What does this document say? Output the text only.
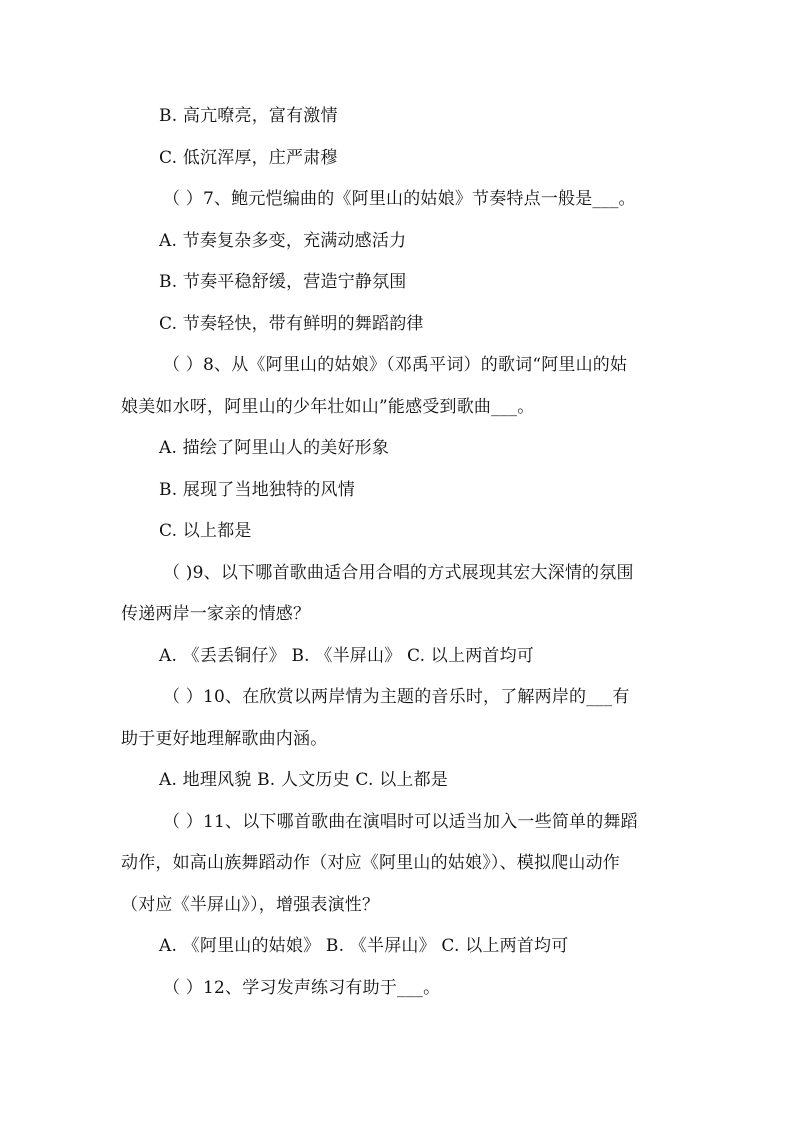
B. 高亢嘹亮，富有激情
C. 低沉浑厚，庄严肃穆
（ ）7、鲍元恺编曲的《阿里山的姑娘》节奏特点一般是___。
A. 节奏复杂多变，充满动感活力
B. 节奏平稳舒缓，营造宁静氛围
C. 节奏轻快，带有鲜明的舞蹈韵律
（ ）8、从《阿里山的姑娘》（邓禹平词）的歌词“阿里山的姑
娘美如水呀，阿里山的少年壮如山”能感受到歌曲___。
A. 描绘了阿里山人的美好形象
B. 展现了当地独特的风情
C. 以上都是
（ )9、以下哪首歌曲适合用合唱的方式展现其宏大深情的氛围
传递两岸一家亲的情感？
A. 《丢丢铜仔》 B. 《半屏山》 C. 以上两首均可
（ ）10、在欣赏以两岸情为主题的音乐时，了解两岸的___有
助于更好地理解歌曲内涵。
A. 地理风貌 B. 人文历史 C. 以上都是
（ ）11、以下哪首歌曲在演唱时可以适当加入一些简单的舞蹈
动作，如高山族舞蹈动作（对应《阿里山的姑娘》）、模拟爬山动作
（对应《半屏山》），增强表演性？
A. 《阿里山的姑娘》 B. 《半屏山》 C. 以上两首均可
（ ）12、学习发声练习有助于___。
